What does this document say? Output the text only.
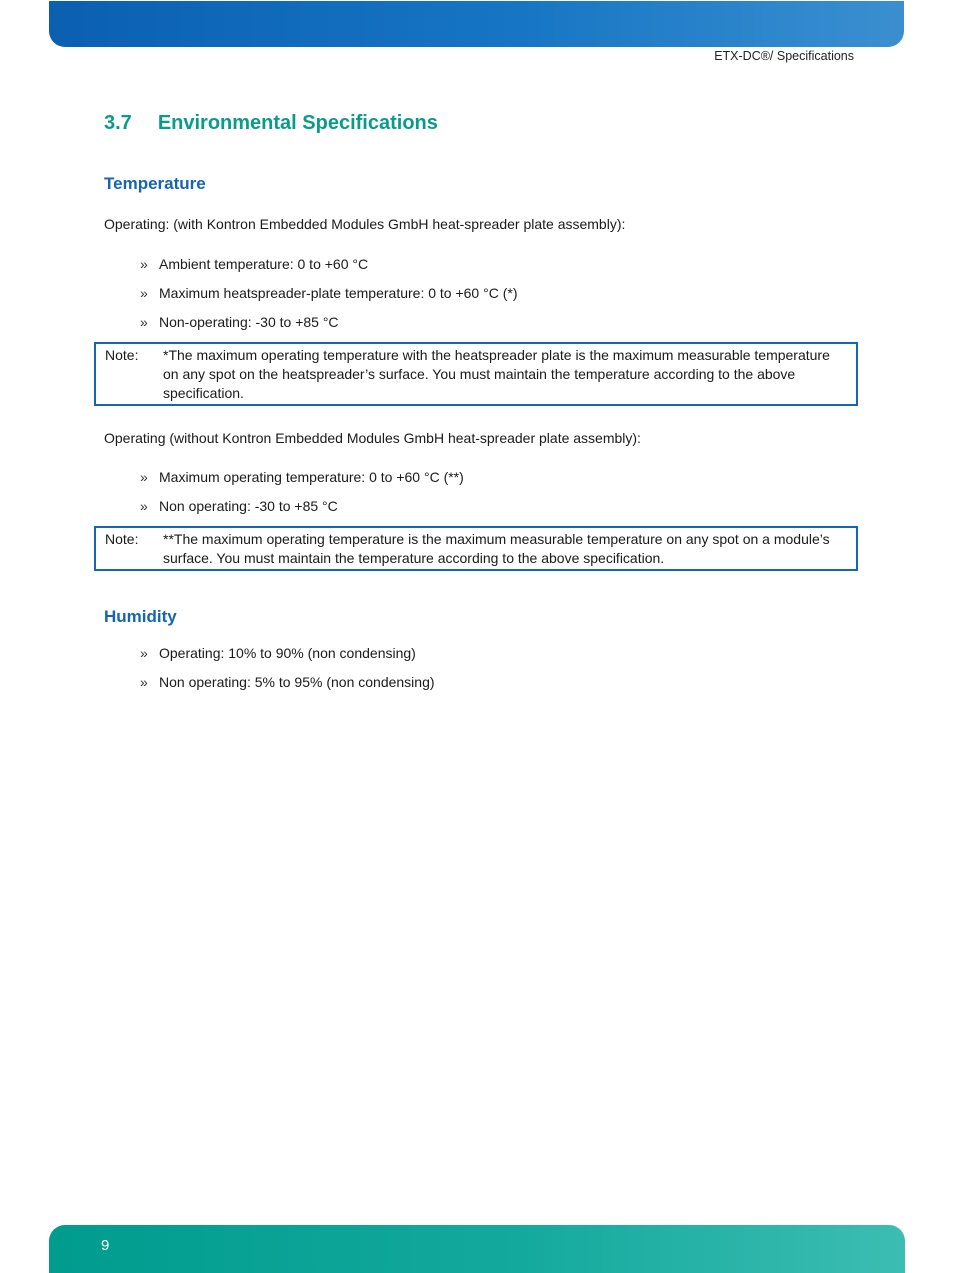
ETX-DC®/ Specifications
3.7 Environmental Specifications
Temperature

Operating: (with Kontron Embedded Modules GmbH heat-spreader plate assembly):

» Ambient temperature: 0 to +60 °C
» Maximum heatspreader-plate temperature: 0 to +60 °C (*)
» Non-operating: -30 to +85 °C
Note:	*The maximum operating temperature with the heatspreader plate is the maximum measurable temperature on any spot on the heatspreader’s surface. You must maintain the temperature according to the above specification.

Operating (without Kontron Embedded Modules GmbH heat-spreader plate assembly):

» Maximum operating temperature: 0 to +60 °C (**)
» Non operating: -30 to +85 °C
Note:	**The maximum operating temperature is the maximum measurable temperature on any spot on a module’s surface. You must maintain the temperature according to the above specification.
Humidity
» Operating: 10% to 90% (non condensing)
» Non operating: 5% to 95% (non condensing)
9
